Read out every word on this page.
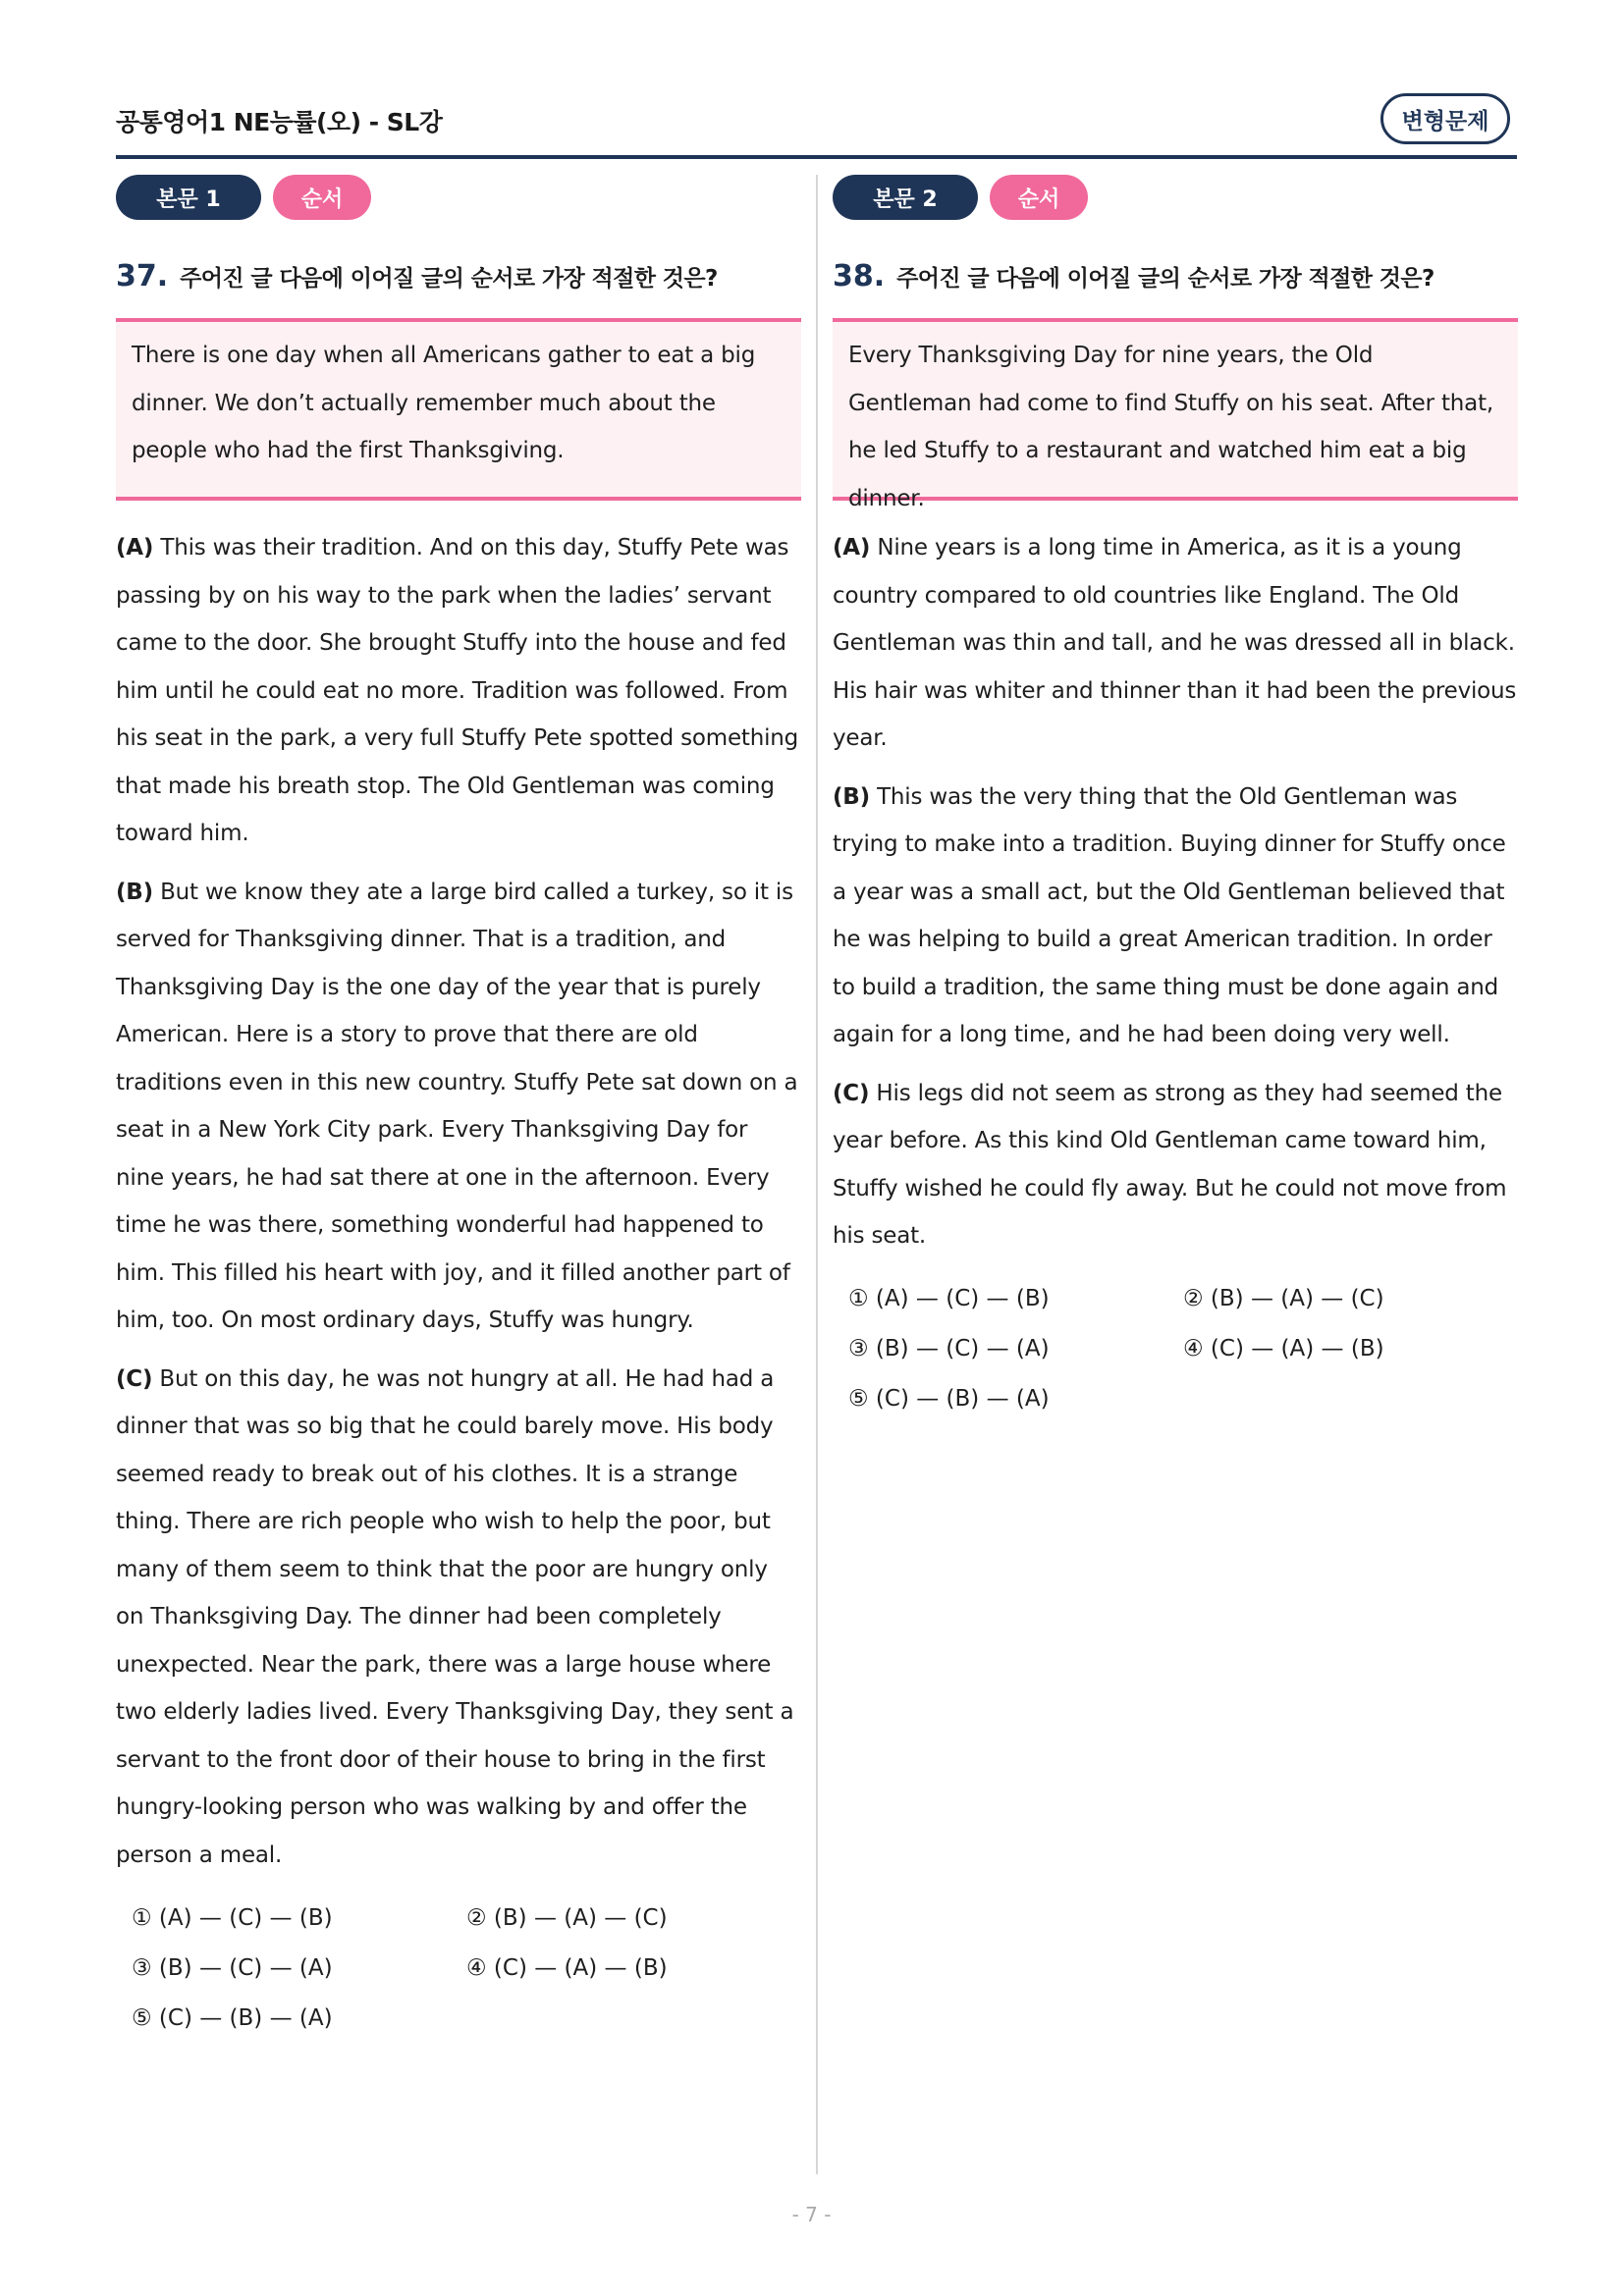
공통영어1 NE능률(오) - SL강	변형문제
본문 1	순서
37. 주어진 글 다음에 이어질 글의 순서로 가장 적절한 것은?
There is one day when all Americans gather to eat a big dinner. We don’t actually remember much about the people who had the first Thanksgiving.
(A) This was their tradition. And on this day, Stuffy Pete was passing by on his way to the park when the ladies’ servant came to the door. She brought Stuffy into the house and fed him until he could eat no more. Tradition was followed. From his seat in the park, a very full Stuffy Pete spotted something that made his breath stop. The Old Gentleman was coming toward him.
(B) But we know they ate a large bird called a turkey, so it is served for Thanksgiving dinner. That is a tradition, and Thanksgiving Day is the one day of the year that is purely American. Here is a story to prove that there are old traditions even in this new country. Stuffy Pete sat down on a seat in a New York City park. Every Thanksgiving Day for nine years, he had sat there at one in the afternoon. Every time he was there, something wonderful had happened to him. This filled his heart with joy, and it filled another part of him, too. On most ordinary days, Stuffy was hungry.
(C) But on this day, he was not hungry at all. He had had a dinner that was so big that he could barely move. His body seemed ready to break out of his clothes. It is a strange thing. There are rich people who wish to help the poor, but many of them seem to think that the poor are hungry only on Thanksgiving Day. The dinner had been completely unexpected. Near the park, there was a large house where two elderly ladies lived. Every Thanksgiving Day, they sent a servant to the front door of their house to bring in the first hungry-looking person who was walking by and offer the person a meal.
① (A) — (C) — (B)	② (B) — (A) — (C)
③ (B) — (C) — (A)	④ (C) — (A) — (B)
⑤ (C) — (B) — (A)
본문 2	순서
38. 주어진 글 다음에 이어질 글의 순서로 가장 적절한 것은?
Every Thanksgiving Day for nine years, the Old Gentleman had come to find Stuffy on his seat. After that, he led Stuffy to a restaurant and watched him eat a big dinner.
(A) Nine years is a long time in America, as it is a young country compared to old countries like England. The Old Gentleman was thin and tall, and he was dressed all in black. His hair was whiter and thinner than it had been the previous year.
(B) This was the very thing that the Old Gentleman was trying to make into a tradition. Buying dinner for Stuffy once a year was a small act, but the Old Gentleman believed that he was helping to build a great American tradition. In order to build a tradition, the same thing must be done again and again for a long time, and he had been doing very well.
(C) His legs did not seem as strong as they had seemed the year before. As this kind Old Gentleman came toward him, Stuffy wished he could fly away. But he could not move from his seat.
① (A) — (C) — (B)	② (B) — (A) — (C)
③ (B) — (C) — (A)	④ (C) — (A) — (B)
⑤ (C) — (B) — (A)
- 7 -
